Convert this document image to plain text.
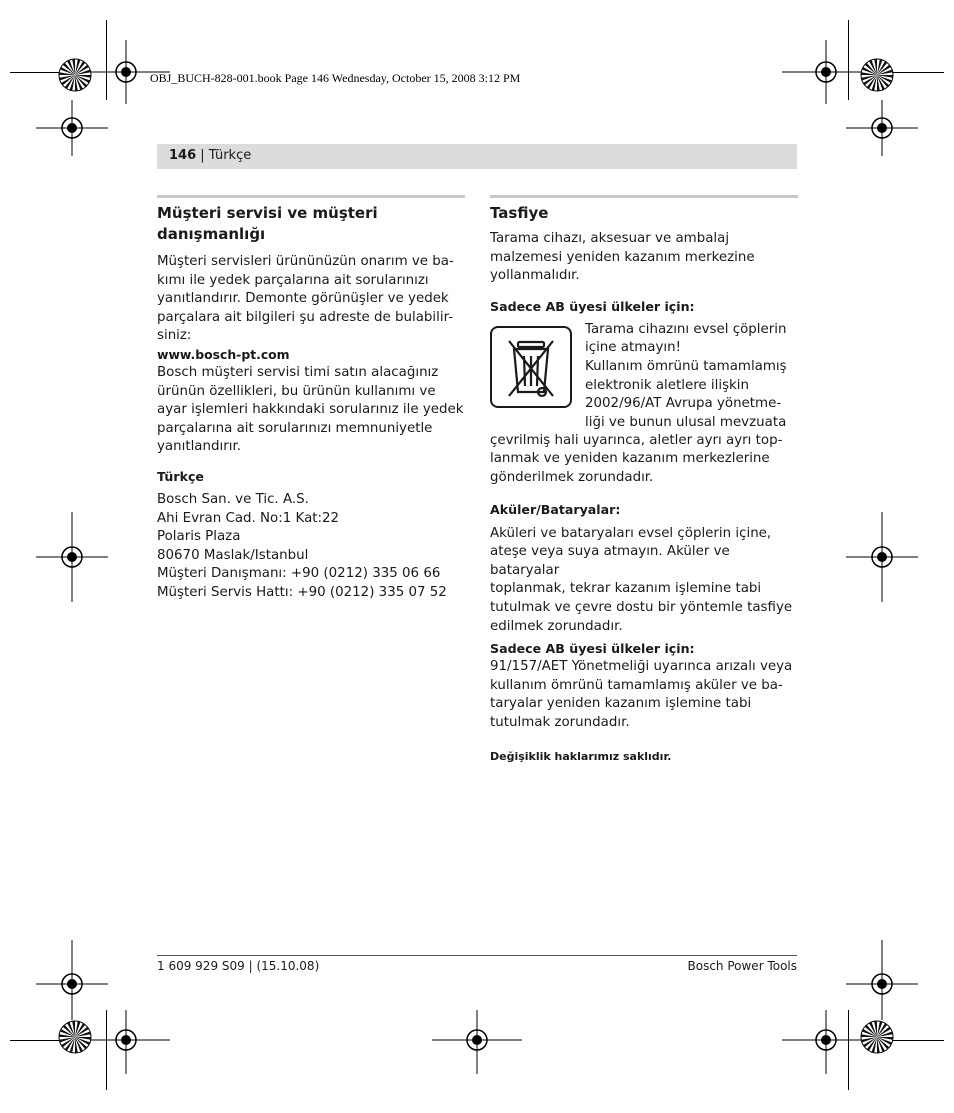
OBJ_BUCH-828-001.book Page 146 Wednesday, October 15, 2008 3:12 PM
146 | Türkçe
Müşteri servisi ve müşteri
danışmanlığı

Müşteri servisleri ürününüzün onarım ve ba-
kımı ile yedek parçalarına ait sorularınızı
yanıtlandırır. Demonte görünüşler ve yedek
parçalara ait bilgileri şu adreste de bulabilir-
siniz:

www.bosch-pt.com

Bosch müşteri servisi timi satın alacağınız
ürünün özellikleri, bu ürünün kullanımı ve
ayar işlemleri hakkındaki sorularınız ile yedek
parçalarına ait sorularınızı memnuniyetle
yanıtlandırır.

Türkçe

Bosch San. ve Tic. A.S.
Ahi Evran Cad. No:1 Kat:22
Polaris Plaza
80670 Maslak/Istanbul
Müşteri Danışmanı: +90 (0212) 335 06 66
Müşteri Servis Hattı: +90 (0212) 335 07 52

Tasfiye

Tarama cihazı, aksesuar ve ambalaj
malzemesi yeniden kazanım merkezine
yollanmalıdır.

Sadece AB üyesi ülkeler için:

Tarama cihazını evsel çöplerin
içine atmayın!
Kullanım ömrünü tamamlamış
elektronik aletlere ilişkin
2002/96/AT Avrupa yönetme-
liği ve bunun ulusal mevzuata

çevrilmiş hali uyarınca, aletler ayrı ayrı top-
lanmak ve yeniden kazanım merkezlerine
gönderilmek zorundadır.

Aküler/Bataryalar:

Aküleri ve bataryaları evsel çöplerin içine,
ateşe veya suya atmayın. Aküler ve bataryalar
toplanmak, tekrar kazanım işlemine tabi
tutulmak ve çevre dostu bir yöntemle tasfiye
edilmek zorundadır.

Sadece AB üyesi ülkeler için:

91/157/AET Yönetmeliği uyarınca arızalı veya
kullanım ömrünü tamamlamış aküler ve ba-
taryalar yeniden kazanım işlemine tabi
tutulmak zorundadır.

Değişiklik haklarımız saklıdır.

1 609 929 S09 | (15.10.08)	Bosch Power Tools
